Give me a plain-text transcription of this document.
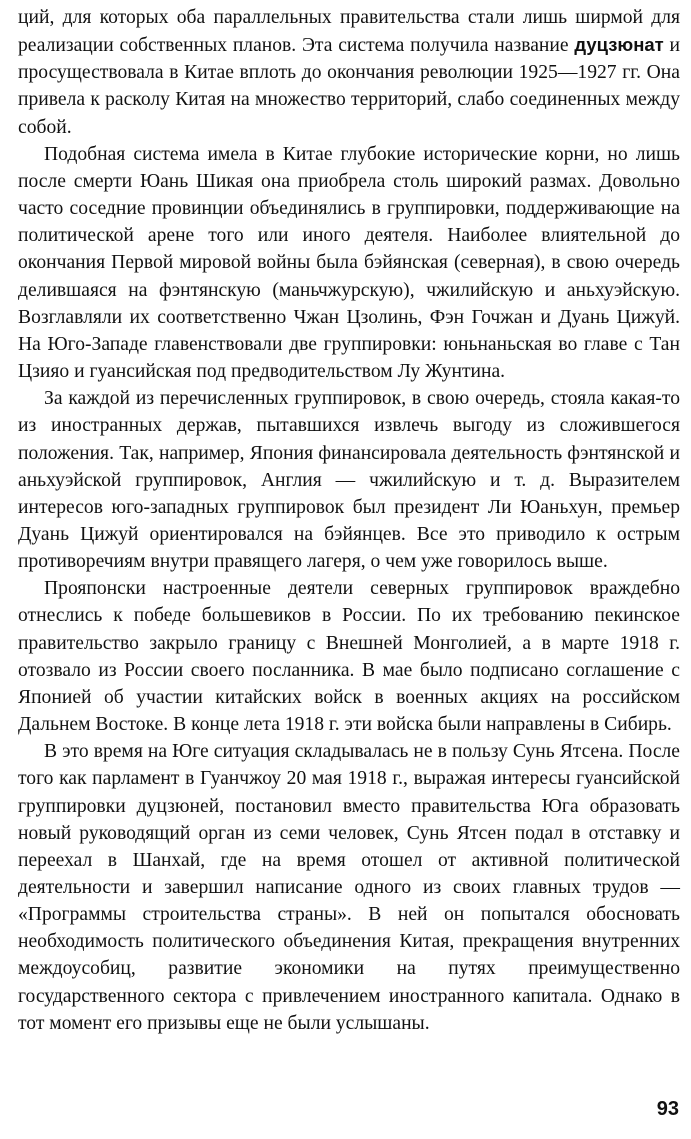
ций, для которых оба параллельных правительства стали лишь ширмой для реализации собственных планов. Эта система получила название дуцзюнат и просуществовала в Китае вплоть до окончания революции 1925—1927 гг. Она привела к расколу Китая на множество территорий, слабо соединенных между собой.

Подобная система имела в Китае глубокие исторические корни, но лишь после смерти Юань Шикая она приобрела столь широкий размах. Довольно часто соседние провинции объединялись в группировки, поддерживающие на политической арене того или иного деятеля. Наиболее влиятельной до окончания Первой мировой войны была бэйянская (северная), в свою очередь делившаяся на фэнтянскую (маньчжурскую), чжилийскую и аньхуэйскую. Возглавляли их соответственно Чжан Цзолинь, Фэн Гочжан и Дуань Цижуй. На Юго-Западе главенствовали две группировки: юньнаньская во главе с Тан Цзияо и гуансийская под предводительством Лу Жунтина.

За каждой из перечисленных группировок, в свою очередь, стояла какая-то из иностранных держав, пытавшихся извлечь выгоду из сложившегося положения. Так, например, Япония финансировала деятельность фэнтянской и аньхуэйской группировок, Англия — чжилийскую и т. д. Выразителем интересов юго-западных группировок был президент Ли Юаньхун, премьер Дуань Цижуй ориентировался на бэйянцев. Все это приводило к острым противоречиям внутри правящего лагеря, о чем уже говорилось выше.

Прояпонски настроенные деятели северных группировок враждебно отнеслись к победе большевиков в России. По их требованию пекинское правительство закрыло границу с Внешней Монголией, а в марте 1918 г. отозвало из России своего посланника. В мае было подписано соглашение с Японией об участии китайских войск в военных акциях на российском Дальнем Востоке. В конце лета 1918 г. эти войска были направлены в Сибирь.

В это время на Юге ситуация складывалась не в пользу Сунь Ятсена. После того как парламент в Гуанчжоу 20 мая 1918 г., выражая интересы гуансийской группировки дуцзюней, постановил вместо правительства Юга образовать новый руководящий орган из семи человек, Сунь Ятсен подал в отставку и переехал в Шанхай, где на время отошел от активной политической деятельности и завершил написание одного из своих главных трудов — «Программы строительства страны». В ней он попытался обосновать необходимость политического объединения Китая, прекращения внутренних междоусобиц, развитие экономики на путях преимущественно государственного сектора с привлечением иностранного капитала. Однако в тот момент его призывы еще не были услышаны.

93
